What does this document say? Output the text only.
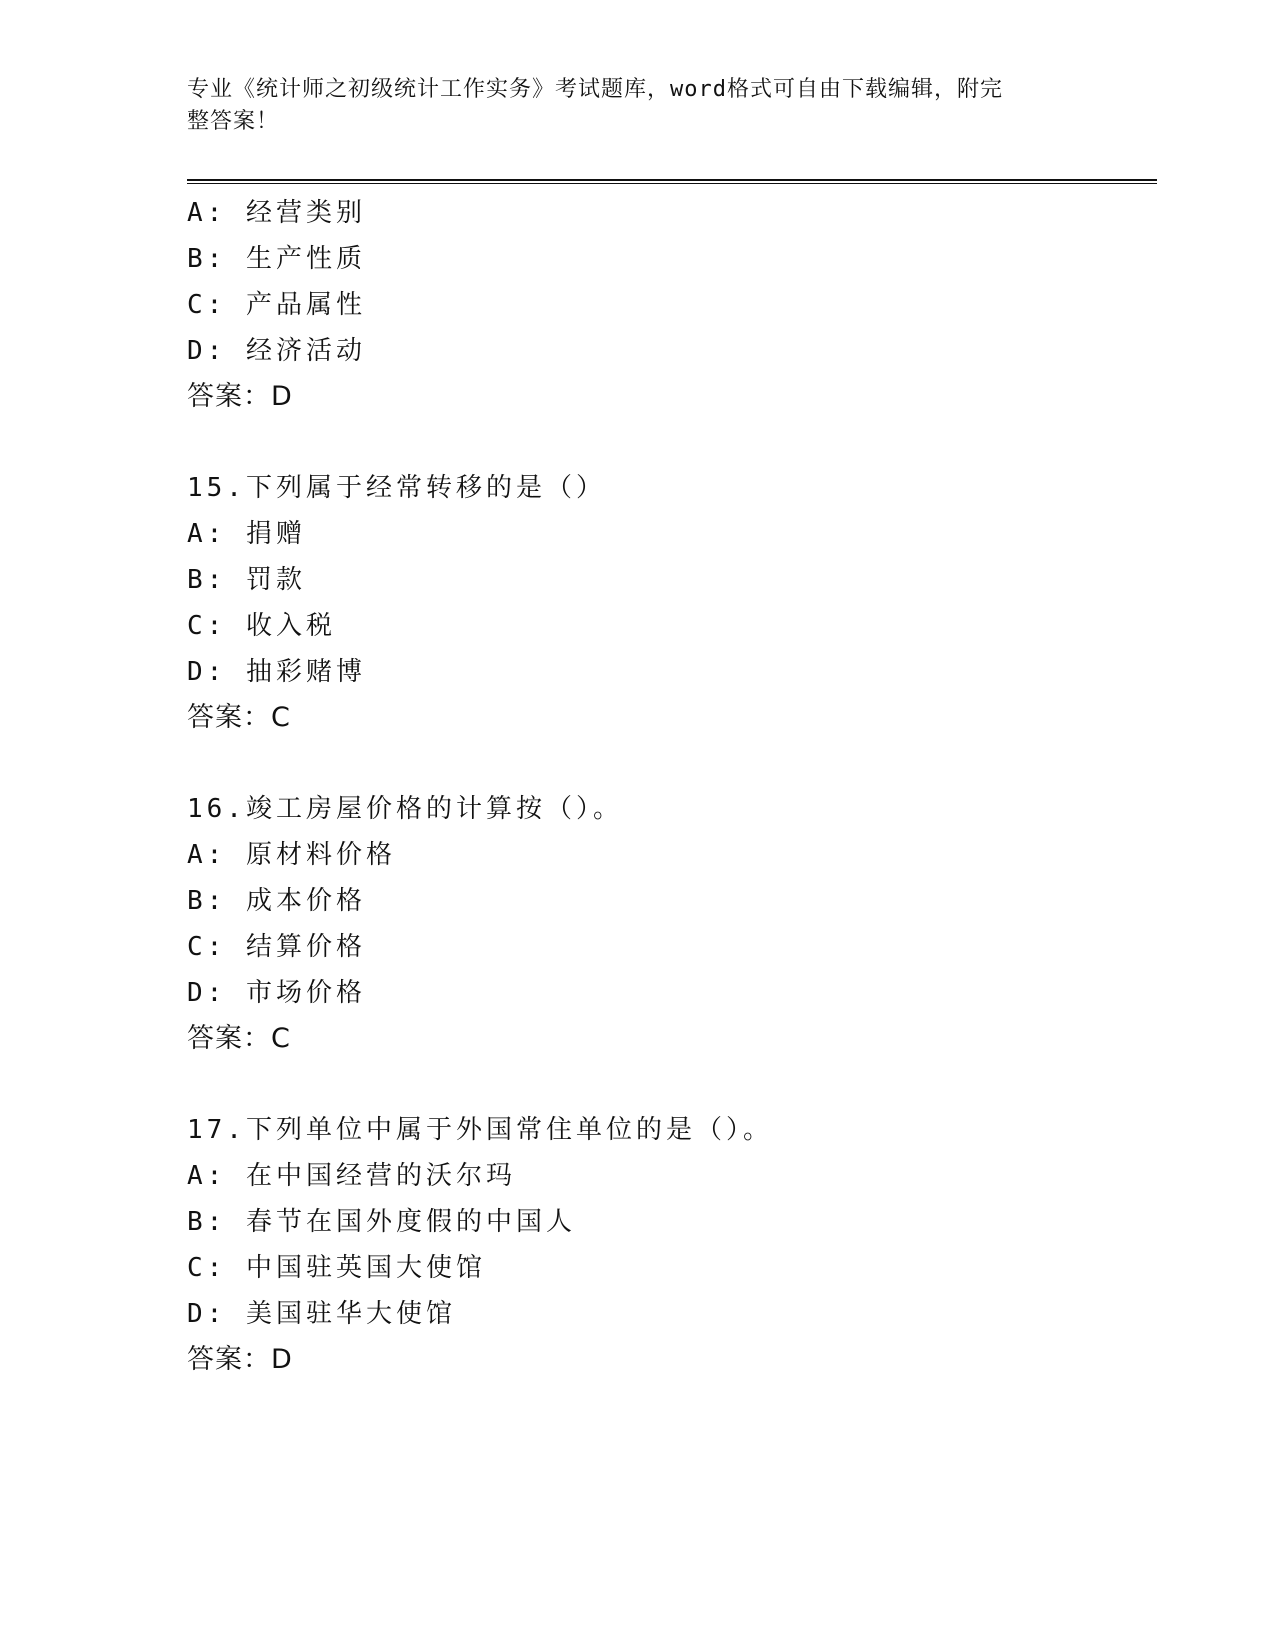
专业《统计师之初级统计工作实务》考试题库，word格式可自由下载编辑，附完
整答案！
A: 经营类别
B: 生产性质
C: 产品属性
D: 经济活动
答案：D
15.下列属于经常转移的是（）
A: 捐赠
B: 罚款
C: 收入税
D: 抽彩赌博
答案：C
16.竣工房屋价格的计算按（）。
A: 原材料价格
B: 成本价格
C: 结算价格
D: 市场价格
答案：C
17.下列单位中属于外国常住单位的是（）。
A: 在中国经营的沃尔玛
B: 春节在国外度假的中国人
C: 中国驻英国大使馆
D: 美国驻华大使馆
答案：D
